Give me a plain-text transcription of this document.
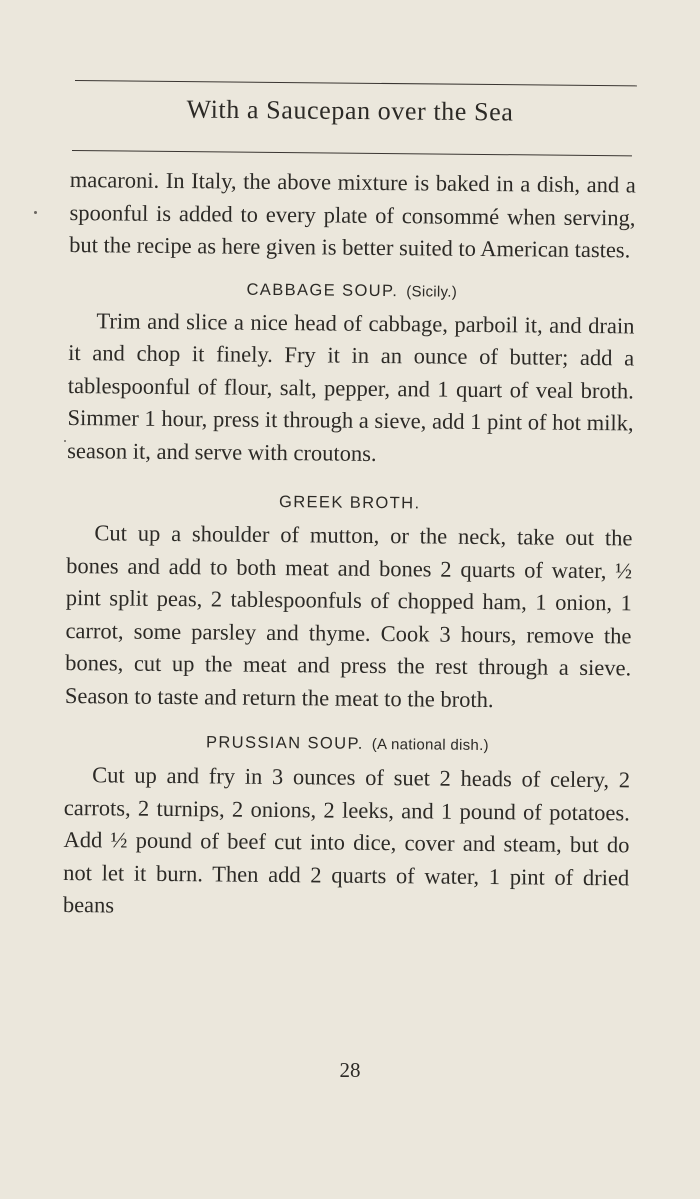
With a Saucepan over the Sea

macaroni. In Italy, the above mixture is baked in a dish, and a spoonful is added to every plate of consommé when serving, but the recipe as here given is better suited to American tastes.

CABBAGE SOUP. (Sicily.)

Trim and slice a nice head of cabbage, parboil it, and drain it and chop it finely. Fry it in an ounce of butter; add a tablespoonful of flour, salt, pepper, and 1 quart of veal broth. Simmer 1 hour, press it through a sieve, add 1 pint of hot milk, season it, and serve with croutons.

GREEK BROTH.

Cut up a shoulder of mutton, or the neck, take out the bones and add to both meat and bones 2 quarts of water, ½ pint split peas, 2 tablespoonfuls of chopped ham, 1 onion, 1 carrot, some parsley and thyme. Cook 3 hours, remove the bones, cut up the meat and press the rest through a sieve. Season to taste and return the meat to the broth.

PRUSSIAN SOUP. (A national dish.)

Cut up and fry in 3 ounces of suet 2 heads of celery, 2 carrots, 2 turnips, 2 onions, 2 leeks, and 1 pound of potatoes. Add ½ pound of beef cut into dice, cover and steam, but do not let it burn. Then add 2 quarts of water, 1 pint of dried beans

28
